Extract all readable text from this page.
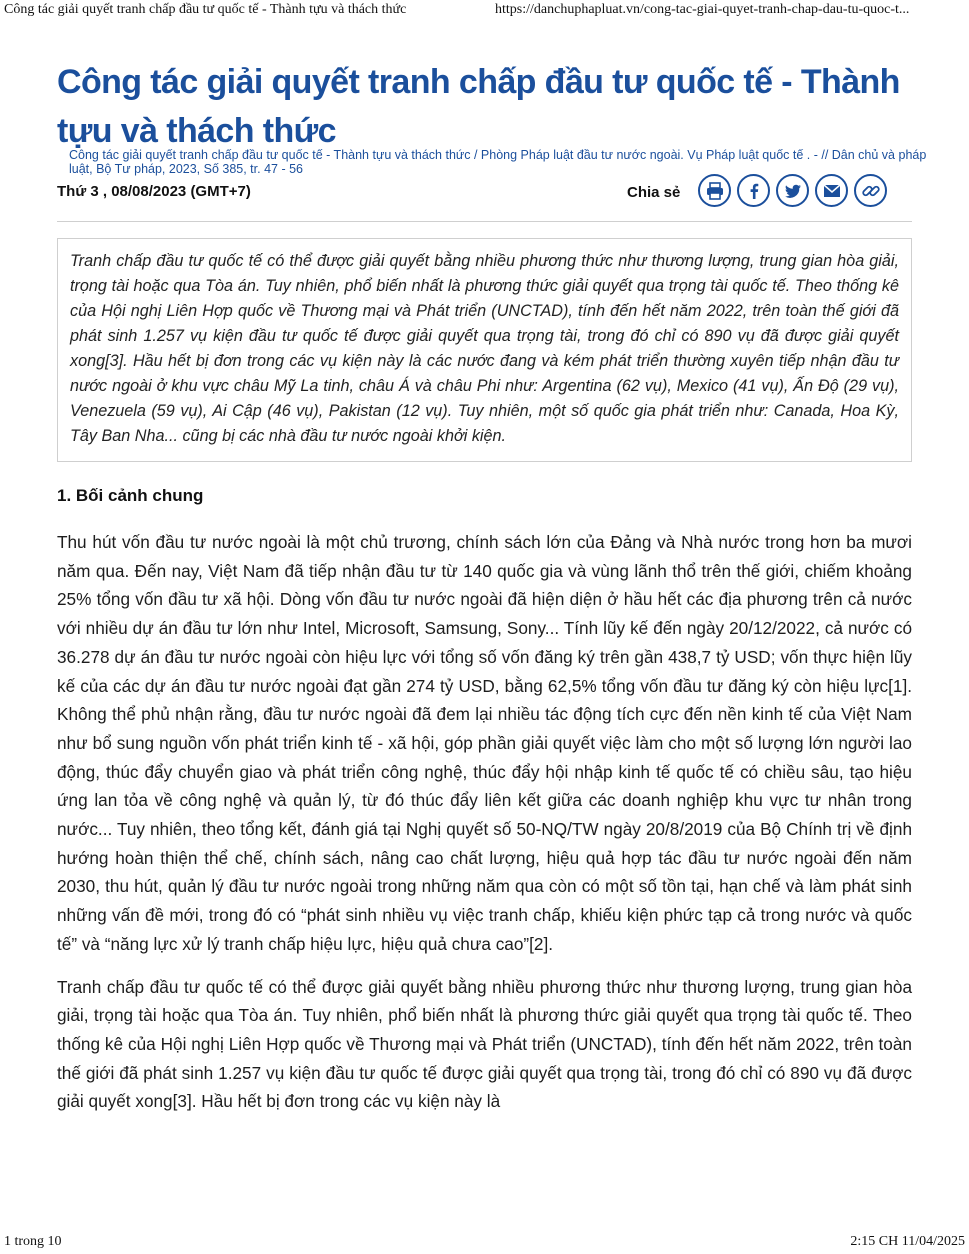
Công tác giải quyết tranh chấp đầu tư quốc tế - Thành tựu và thách thức	https://danchuphapluat.vn/cong-tac-giai-quyet-tranh-chap-dau-tu-quoc-t...
Công tác giải quyết tranh chấp đầu tư quốc tế - Thành tựu và thách thức
Công tác giải quyết tranh chấp đầu tư quốc tế - Thành tựu và thách thức / Phòng Pháp luật đầu tư nước ngoài. Vụ Pháp luật quốc tế . - // Dân chủ và pháp luật, Bộ Tư pháp, 2023, Số 385, tr. 47 - 56
Thứ 3 , 08/08/2023 (GMT+7)	Chia sẻ
Tranh chấp đầu tư quốc tế có thể được giải quyết bằng nhiều phương thức như thương lượng, trung gian hòa giải, trọng tài hoặc qua Tòa án. Tuy nhiên, phổ biến nhất là phương thức giải quyết qua trọng tài quốc tế. Theo thống kê của Hội nghị Liên Hợp quốc về Thương mại và Phát triển (UNCTAD), tính đến hết năm 2022, trên toàn thế giới đã phát sinh 1.257 vụ kiện đầu tư quốc tế được giải quyết qua trọng tài, trong đó chỉ có 890 vụ đã được giải quyết xong[3]. Hầu hết bị đơn trong các vụ kiện này là các nước đang và kém phát triển thường xuyên tiếp nhận đầu tư nước ngoài ở khu vực châu Mỹ La tinh, châu Á và châu Phi như: Argentina (62 vụ), Mexico (41 vụ), Ấn Độ (29 vụ), Venezuela (59 vụ), Ai Cập (46 vụ), Pakistan (12 vụ). Tuy nhiên, một số quốc gia phát triển như: Canada, Hoa Kỳ, Tây Ban Nha... cũng bị các nhà đầu tư nước ngoài khởi kiện.
1. Bối cảnh chung

Thu hút vốn đầu tư nước ngoài là một chủ trương, chính sách lớn của Đảng và Nhà nước trong hơn ba mươi năm qua. Đến nay, Việt Nam đã tiếp nhận đầu tư từ 140 quốc gia và vùng lãnh thổ trên thế giới, chiếm khoảng 25% tổng vốn đầu tư xã hội. Dòng vốn đầu tư nước ngoài đã hiện diện ở hầu hết các địa phương trên cả nước với nhiều dự án đầu tư lớn như Intel, Microsoft, Samsung, Sony... Tính lũy kế đến ngày 20/12/2022, cả nước có 36.278 dự án đầu tư nước ngoài còn hiệu lực với tổng số vốn đăng ký trên gần 438,7 tỷ USD; vốn thực hiện lũy kế của các dự án đầu tư nước ngoài đạt gần 274 tỷ USD, bằng 62,5% tổng vốn đầu tư đăng ký còn hiệu lực[1]. Không thể phủ nhận rằng, đầu tư nước ngoài đã đem lại nhiều tác động tích cực đến nền kinh tế của Việt Nam như bổ sung nguồn vốn phát triển kinh tế - xã hội, góp phần giải quyết việc làm cho một số lượng lớn người lao động, thúc đẩy chuyển giao và phát triển công nghệ, thúc đẩy hội nhập kinh tế quốc tế có chiều sâu, tạo hiệu ứng lan tỏa về công nghệ và quản lý, từ đó thúc đẩy liên kết giữa các doanh nghiệp khu vực tư nhân trong nước... Tuy nhiên, theo tổng kết, đánh giá tại Nghị quyết số 50-NQ/TW ngày 20/8/2019 của Bộ Chính trị về định hướng hoàn thiện thể chế, chính sách, nâng cao chất lượng, hiệu quả hợp tác đầu tư nước ngoài đến năm 2030, thu hút, quản lý đầu tư nước ngoài trong những năm qua còn có một số tồn tại, hạn chế và làm phát sinh những vấn đề mới, trong đó có “phát sinh nhiều vụ việc tranh chấp, khiếu kiện phức tạp cả trong nước và quốc tế” và “năng lực xử lý tranh chấp hiệu lực, hiệu quả chưa cao”[2].

Tranh chấp đầu tư quốc tế có thể được giải quyết bằng nhiều phương thức như thương lượng, trung gian hòa giải, trọng tài hoặc qua Tòa án. Tuy nhiên, phổ biến nhất là phương thức giải quyết qua trọng tài quốc tế. Theo thống kê của Hội nghị Liên Hợp quốc về Thương mại và Phát triển (UNCTAD), tính đến hết năm 2022, trên toàn thế giới đã phát sinh 1.257 vụ kiện đầu tư quốc tế được giải quyết qua trọng tài, trong đó chỉ có 890 vụ đã được giải quyết xong[3]. Hầu hết bị đơn trong các vụ kiện này là

1 trong 10	2:15 CH 11/04/2025
